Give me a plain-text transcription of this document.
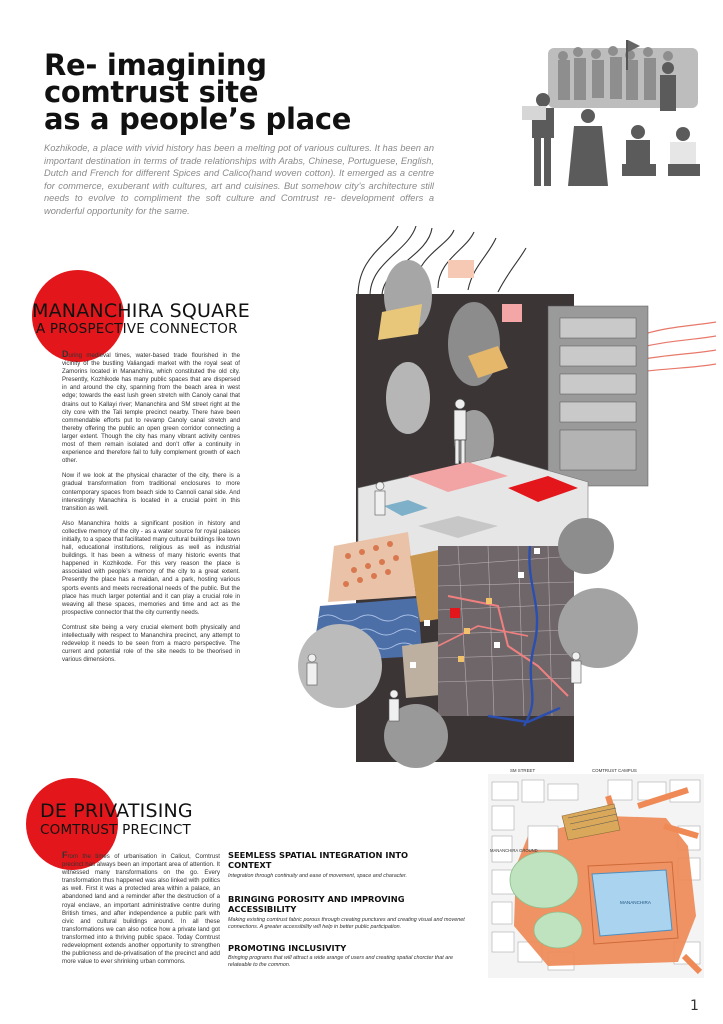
Re- imagining
comtrust site
as a people’s place
Kozhikode, a place with vivid history has been a melting pot of various cultures. It has been an important destination in terms of trade relationships with Arabs, Chinese, Portuguese, English, Dutch and French for different Spices and Calico(hand woven cotton). It emerged as a centre for commerce, exuberant with cultures, art and cuisines. But somehow city’s architecture still needs to evolve to compliment the soft culture and Comtrust re- development offers a wonderful opportunity for the same.
MANANCHIRA SQUARE
A PROSPECTIVE CONNECTOR

During medieval times, water-based trade flourished in the vicinity of the bustling Valiangadi market with the royal seat of Zamorins located in Mananchira, which constituted the old city. Presently, Kozhikode has many public spaces that are dispersed in and around the city, spanning from the beach area in west edge; towards the east lush green stretch with Canoly canal that drains out to Kallayi river; Mananchira and SM street right at the city core with the Tali temple precinct nearby. There have been commendable efforts put to revamp Canoly canal stretch and thereby offering the public an open green corridor connecting a larger extent. Though the city has many vibrant activity centres most of them remain isolated and don’t offer a continuity in experience and therefore fail to fully complement growth of each other.

Now if we look at the physical character of the city, there is a gradual transformation from traditional enclosures to more contemporary spaces from beach side to Cannoli canal side. And interestingly Manachira is located in a crucial point in this transition as well.

Also Mananchira holds a significant position in history and collective memory of the city - as a water source for royal palaces initially, to a space that facilitated many cultural buildings like town hall, educational institutions, religious as well as industrial buildings. It has been a witness of many historic events that happened in Kozhikode. For this very reason the place is associated with people’s memory of the city to a great extent. Presently the place has a maidan, and a park, hosting various sports events and meets recreational needs of the public. But the place has much larger potential and it can play a crucial role in weaving all these spaces, memories and time and act as the prospective connector that the city currently needs.

Comtrust site being a very crucial element both physically and intellectually with respect to Mananchira precinct, any attempt to redevelop it needs to be seen from a macro perspective. The current and potential role of the site needs to be theorised in various dimensions.

DE PRIVATISING
COMTRUST PRECINCT

From the times of urbanisation in Calicut, Comtrust precinct has always been an important area of attention. It witnessed many transformations on the go. Every transformation thus happened was also linked with politics as well. First it was a protected area within a palace, an abandoned land and a reminder after the destruction of a royal enclave, an important administrative centre during British times, and after independence a public park with civic and cultural buildings around. In all these transformations we can also notice how a private land got transformed into a thriving public space. Today Comtrust redevelopment extends another opportunity to strengthen the publicness and de-privatisation of the precinct and add more value to ever shrinking urban commons.

SEEMLESS SPATIAL INTEGRATION INTO CONTEXT
Integration through continuity and ease of movement, space and character.
BRINGING POROSITY AND IMPROVING ACCESSIBILITY
Making existing comtrust fabric porous through creating punctures and creating visual and movenet connections. A greater accessibility will help in better public participation.
PROMOTING INCLUSIVITY
Bringing programs that will attract a wide arange of users and creating spatial chorcter that are relateable to the common.
SM STREET	COMTRUST CAMPUS
MANANCHIRA GROUND
MANANCHIRA
1
